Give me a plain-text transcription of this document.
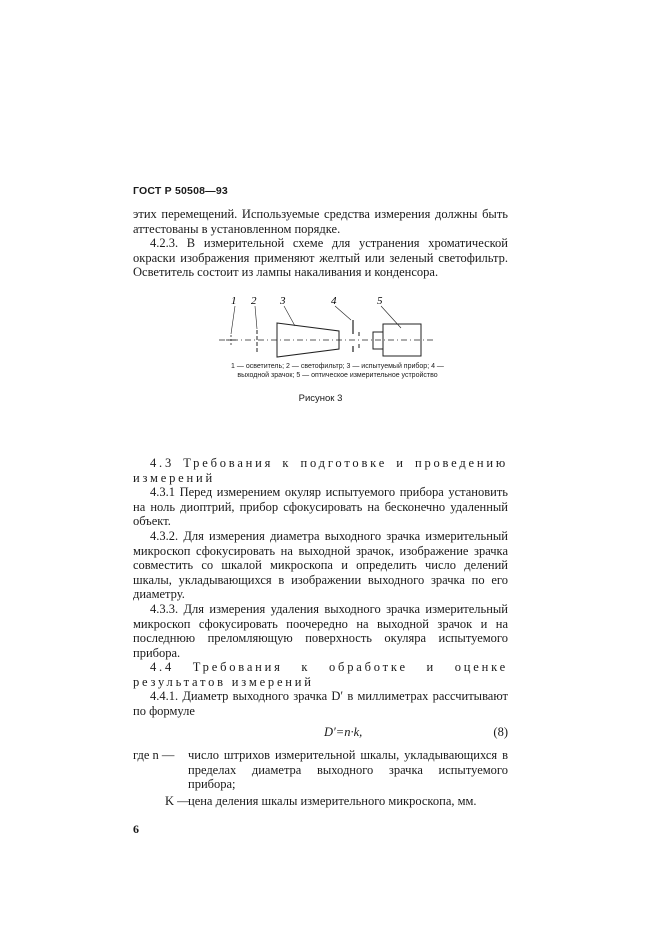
ГОСТ Р 50508—93

этих перемещений. Используемые средства измерения должны быть аттестованы в установленном порядке.

4.2.3. В измерительной схеме для устранения хроматической окраски изображения применяют желтый или зеленый светофильтр. Осветитель состоит из лампы накаливания и конденсора.

1 2 3	4	5
1 — осветитель; 2 — светофильтр; 3 — испытуемый прибор; 4 — выходной зрачок; 5 — оптическое измерительное устройство
Рисунок 3

4.3 Требования к подготовке и проведению измерений

4.3.1 Перед измерением окуляр испытуемого прибора установить на ноль диоптрий, прибор сфокусировать на бесконечно удаленный объект.

4.3.2. Для измерения диаметра выходного зрачка измерительный микроскоп сфокусировать на выходной зрачок, изображение зрачка совместить со шкалой микроскопа и определить число делений шкалы, укладывающихся в изображении выходного зрачка по его диаметру.

4.3.3. Для измерения удаления выходного зрачка измерительный микроскоп сфокусировать поочередно на выходной зрачок и на последнюю преломляющую поверхность окуляра испытуемого прибора.

4.4 Требования к обработке и оценке результатов измерений

4.4.1. Диаметр выходного зрачка D′ в миллиметрах рассчитывают по формуле

D′=n·k,	(8)
где n — число штрихов измерительной шкалы, укладывающихся в пределах диаметра выходного зрачка испытуемого прибора;
K —
цена деления шкалы измерительного микроскопа, мм.
6
